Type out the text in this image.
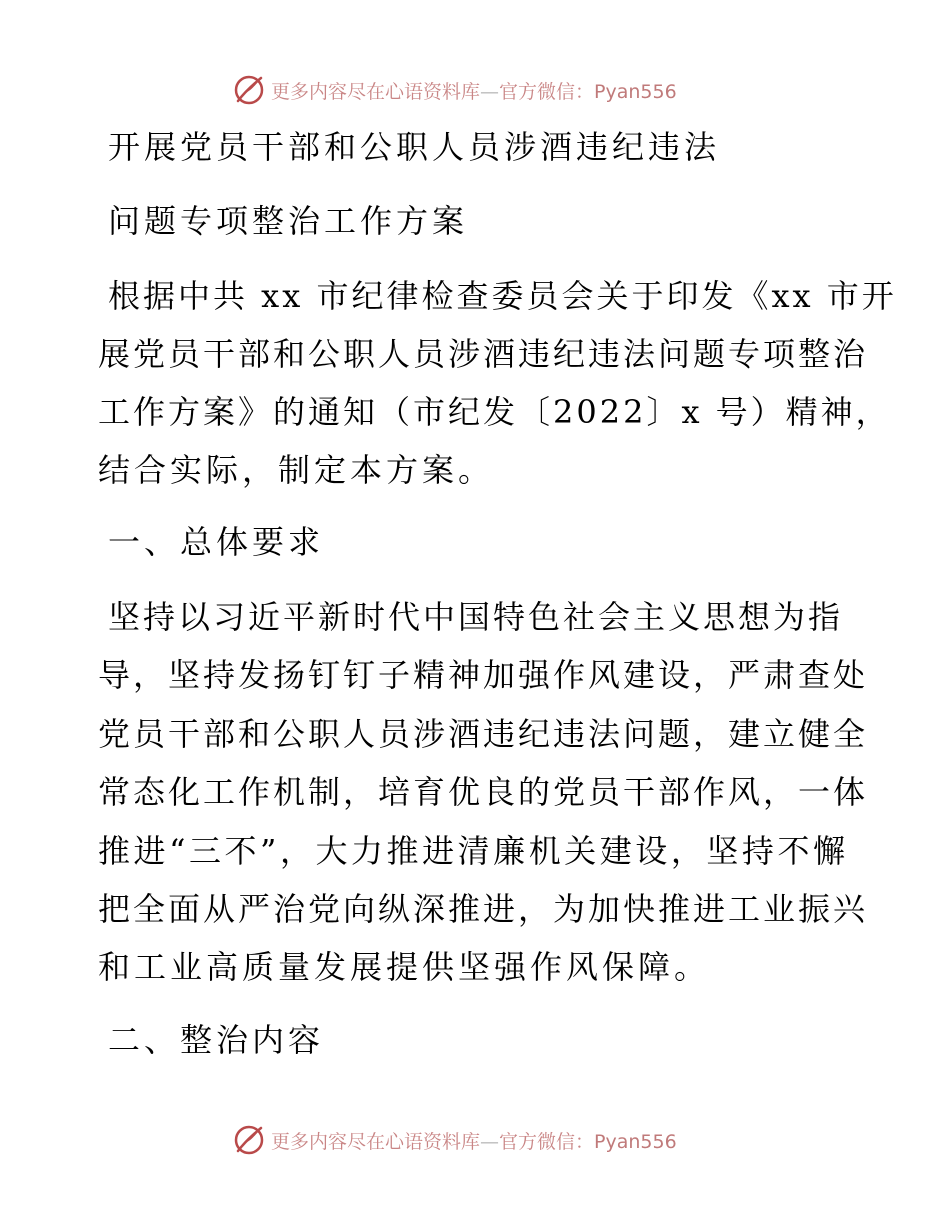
更多内容尽在心语资料库—官方微信：Pyan556
开展党员干部和公职人员涉酒违纪违法
问题专项整治工作方案
根据中共 xx 市纪律检查委员会关于印发《xx 市开
展党员干部和公职人员涉酒违纪违法问题专项整治
工作方案》的通知（市纪发〔2022〕x 号）精神，
结合实际，制定本方案。
一、总体要求
坚持以习近平新时代中国特色社会主义思想为指
导，坚持发扬钉钉子精神加强作风建设，严肃查处
党员干部和公职人员涉酒违纪违法问题，建立健全
常态化工作机制，培育优良的党员干部作风，一体
推进“三不”，大力推进清廉机关建设，坚持不懈
把全面从严治党向纵深推进，为加快推进工业振兴
和工业高质量发展提供坚强作风保障。
二、整治内容
更多内容尽在心语资料库—官方微信：Pyan556
